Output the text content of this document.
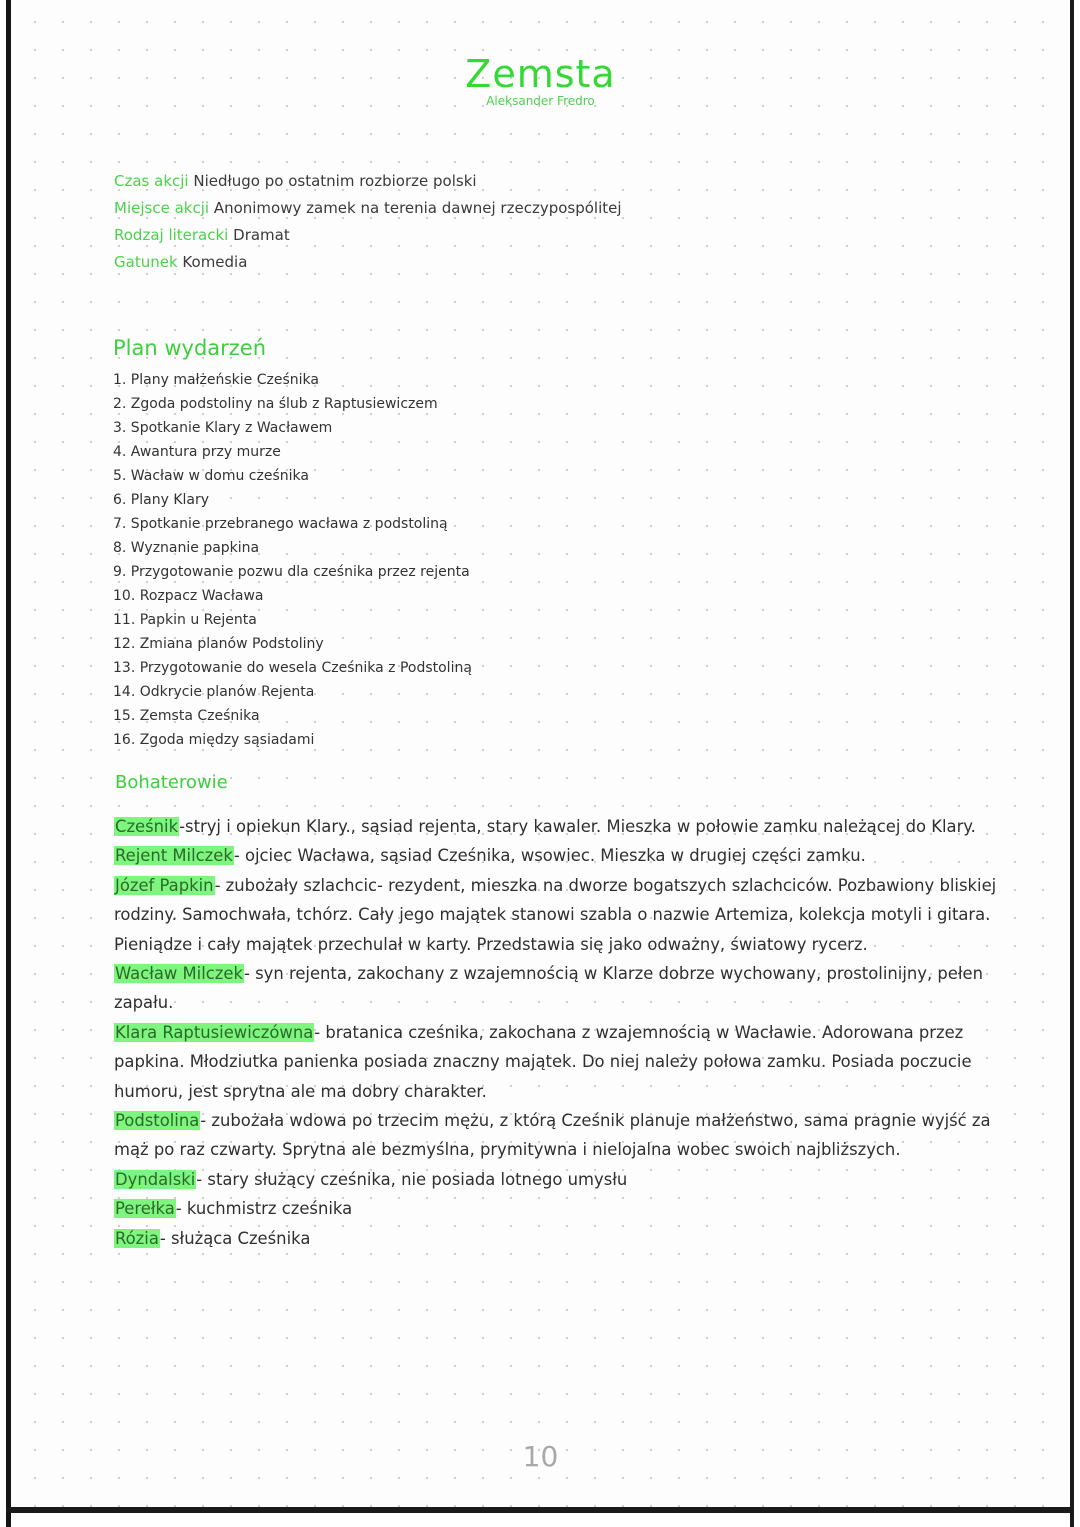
Zemsta
Aleksander Fredro
Czas akcji Niedługo po ostatnim rozbiorze polski
Miejsce akcji Anonimowy zamek na terenia dawnej rzeczypospólitej
Rodzaj literacki Dramat
Gatunek Komedia
Plan wydarzeń
1. Plany małżeńskie Cześnika
2. Zgoda podstoliny na ślub z Raptusiewiczem
3. Spotkanie Klary z Wacławem
4. Awantura przy murze
5. Wacław w domu cześnika
6. Plany Klary
7. Spotkanie przebranego wacława z podstoliną
8. Wyznanie papkina
9. Przygotowanie pozwu dla cześnika przez rejenta
10. Rozpacz Wacława
11. Papkin u Rejenta
12. Zmiana planów Podstoliny
13. Przygotowanie do wesela Cześnika z Podstoliną
14. Odkrycie planów Rejenta
15. Zemsta Cześnika
16. Zgoda między sąsiadami
Bohaterowie

Cześnik-stryj i opiekun Klary., sąsiad rejenta, stary kawaler. Mieszka w połowie zamku należącej do Klary.

Rejent Milczek- ojciec Wacława, sąsiad Cześnika, wsowiec. Mieszka w drugiej części zamku.

Józef Papkin- zubożały szlachcic- rezydent, mieszka na dworze bogatszych szlachciców. Pozbawiony bliskiej rodziny. Samochwała, tchórz. Cały jego majątek stanowi szabla o nazwie Artemiza, kolekcja motyli i gitara. Pieniądze i cały majątek przechulał w karty. Przedstawia się jako odważny, światowy rycerz.

Wacław Milczek- syn rejenta, zakochany z wzajemnością w Klarze dobrze wychowany, prostolinijny, pełen zapału.

Klara Raptusiewiczówna- bratanica cześnika, zakochana z wzajemnością w Wacławie. Adorowana przez papkina. Młodziutka panienka posiada znaczny majątek. Do niej należy połowa zamku. Posiada poczucie humoru, jest sprytna ale ma dobry charakter.

Podstolina- zubożała wdowa po trzecim mężu, z którą Cześnik planuje małżeństwo, sama pragnie wyjść za mąż po raz czwarty. Sprytna ale bezmyślna, prymitywna i nielojalna wobec swoich najbliższych.

Dyndalski- stary służący cześnika, nie posiada lotnego umysłu

Perełka- kuchmistrz cześnika

Rózia- służąca Cześnika

10
